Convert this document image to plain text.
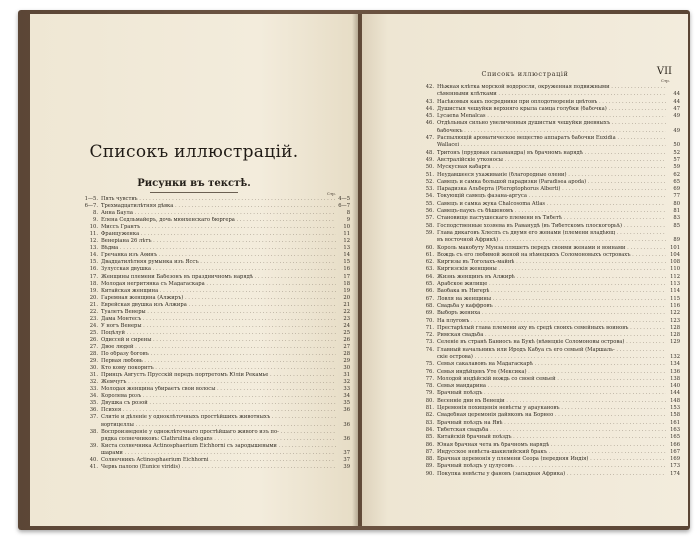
Списокъ иллюстрацій.
Рисунки въ текстѣ.
Стр.
1—5. Пять чувствъ . . .	4—5
6—7. Трехмадцатилѣтняя дѣвка . . .	6—7
8. Анна Баула . . .	8
9. Елена Седльмайеръ, дочь мюнхенскаго бюргера . . .	9
10. Миссъ Грантъ . . .	10
11. Француженка . . .	11
12. Венеріана 26 лѣтъ . . .	12
13. Вѣдма . . .	13
14. Гречанка изъ Аѳинъ . . .	14
15. Двадцатилѣтняя румынка изъ Яссъ . . .	15
16. Зулусская двушка . . .	16
17. Женщины племени Бабезонъ въ праздничномъ нарядѣ . . .	17
18. Молодая негритянка съ Мадагаскара . . .	18
19. Китайская женщина . . .	19
20. Гаремная женщина (Алжиръ) . . .	20
21. Еврейская двушка изъ Алжира . . .	21
22. Туалетъ Венеры . . .	22
23. Дама Монтесъ . . .	23
24. У ногъ Венеры . . .	24
25. Поцѣлуй . . .	25
26. Одиссей и сирены . . .	26
27. Двое людей . . .	27
28. По образу боговъ . . .	28
29. Первая любовь . . .	29
30. Кто кому покоритъ . . .	30
31. Принцъ Августъ Прусскій передъ портретомъ Юліи Рекамье . . .	31
32. Жемчугъ . . .	32
33. Молодая женщина убираетъ свои волосы . . .	33
34. Королева розъ . . .	34
35. Двушка съ розой . . .	35
36. Психея . . .	36
37. Слитіе и дѣленіе у одноклѣточныхъ простѣйшихъ животныхъ . . .
вортицеллы . . .	36
38. Воспроизведеніе у одноклѣточнаго простѣйшаго живого изъ по- . . .
рядка солнечниковъ: Clathrulina elegans . . .	36
39. Киста солнечника Actinosphaerium Eichhorni съ зародышевыми . . .
шарами . . .	37
40. Солнечникъ Actinosphaerium Eichhorni . . .	37
41. Червь палоло (Eunice viridis) . . .	39
Списокъ иллюстрацій	VII
Стр.
42. Нѣжная клѣтка морской водоросли, окруженная подвижными . . .
сѣменными клѣтками . . .	44
43. Насѣкомыя какъ посредники при оплодотвореніи цвѣтовъ . . .	44
44. Душистыя чешуйки верхняго крыла самца голубки (бабочка) . . .	47
45. Lycaena Menalcas . . .	49
46. Отдѣльныя сильно увеличенныя душистыя чешуйки дневныхъ . . .
бабочекъ . . .	49
47. Распылющій ароматическое вещество аппаратъ бабочки Euxidia . . .
Wallacei . . .	50
48. Тритонъ (прудовая саламандра) въ брачномъ нарядѣ . . .	52
49. Австралійскіе утконосы . . .	57
50. Мускусная кабарга . . .	59
51. Неудавшееся ухаживаніе (благородные олени) . . .	62
52. Самецъ и самка большой парадизки (Paradisea apoda) . . .	65
53. Парадизка Альберта (Pteroptophorus Alberti) . . .	69
54. Токующій самецъ фазана-аргуса . . .	77
55. Самецъ и самка жука Chalcosoma Atlas . . .	80
56. Самецъ-паукъ съ бѣшеномъ . . .	81
57. Становище пастушескаго племени въ Тибетѣ . . .	83
58. Господственные хозяева въ Раванудѣ (въ Тибетскомъ плоскогорьѣ) . . .	85
59. Глава дикаговъ Хлеспъ съ двумя его женами (племени владѣющ . . .
въ восточной Африкѣ) . . .	89
60. Король макобуту Мунза пляшетъ передъ своими женами и воинами . . .	101
61. Вождь съ его любимой женой на нѣмецкихъ Соломоновыхъ островахъ . . .	104
62. Киргизы въ Тоголахъ-майнѣ . . .	108
63. Киргизскія женщины . . .	110
64. Жизнь женщинъ въ Алжирѣ . . .	112
65. Арабское жилище . . .	113
66. Ваобака въ Нигерѣ . . .	114
67. Ловля на женщины . . .	115
68. Свадьба у каффровъ . . .	116
69. Выборъ жениха . . .	122
70. На плугомъ . . .	123
71. Престарѣлый глава племени аху въ средѣ своихъ семейныхъ воиновъ . . .	128
72. Римская свадьба . . .	128
73. Селеніе въ странѣ Баниосъ на Букѣ (нѣмецкіе Соломоновы острова) . . .	129
74. Главный начальникъ или Иродъ Кабуа съ его семьей (Маршаль- . . .
скіе острова) . . .	132
75. Семья сакалавовъ на Мадагаскарѣ . . .	134
76. Семья индѣйцевъ Уте (Мексика) . . .	136
77. Молодой индѣйскій вождь со своей семьей . . .	138
78. Семья мандарина . . .	140
79. Брачный поѣздъ . . .	144
80. Весенніе дни въ Венеціи . . .	148
81. Церемонія похищенія невѣсты у араукановъ . . .	153
82. Свадебная церемонія дайяковъ на Борнео . . .	158
83. Брачный поѣздъ на Явѣ . . .	161
84. Тибетская свадьба . . .	163
85. Китайскій брачный поѣздъ . . .	165
86. Юная брачная чета въ брачномъ нарядѣ . . .	166
87. Индусское невѣста-шакилийский бракъ . . .	167
88. Брачная церемонія у племени Сеора (передняя Индія) . . .	169
89. Брачный поѣздъ у цулусовъ . . .	173
90. Покупка невѣсты у фановъ (западная Африка) . . .	174
